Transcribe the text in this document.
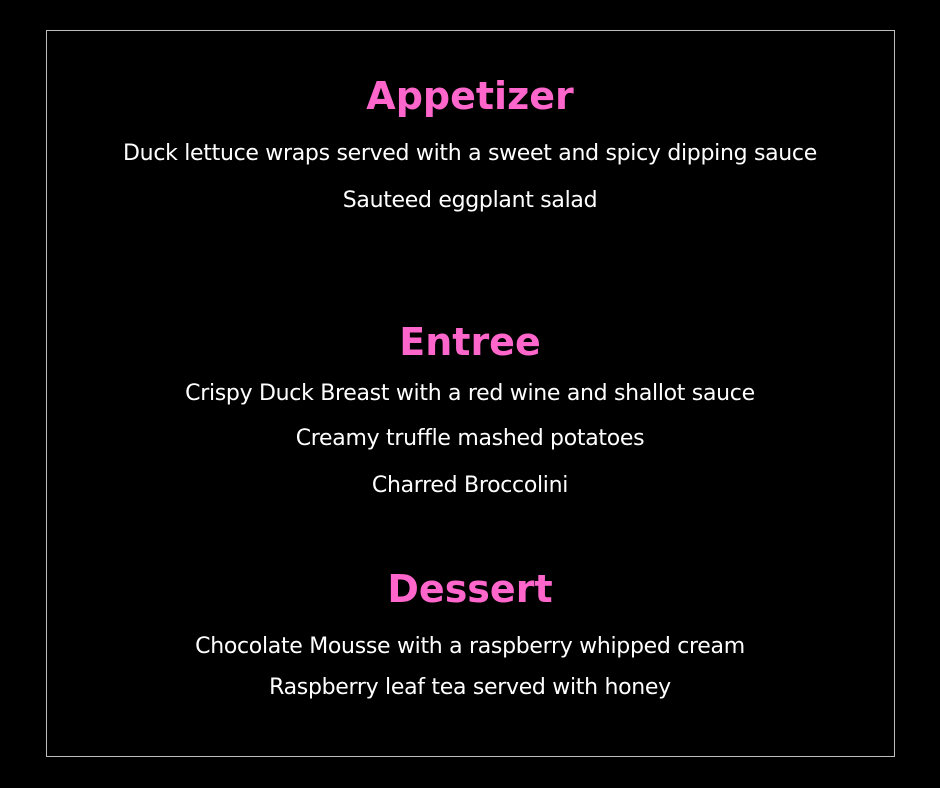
Appetizer
Duck lettuce wraps served with a sweet and spicy dipping sauce
Sauteed eggplant salad
Entree
Crispy Duck Breast with a red wine and shallot sauce
Creamy truffle mashed potatoes
Charred Broccolini
Dessert
Chocolate Mousse with a raspberry whipped cream
Raspberry leaf tea served with honey
